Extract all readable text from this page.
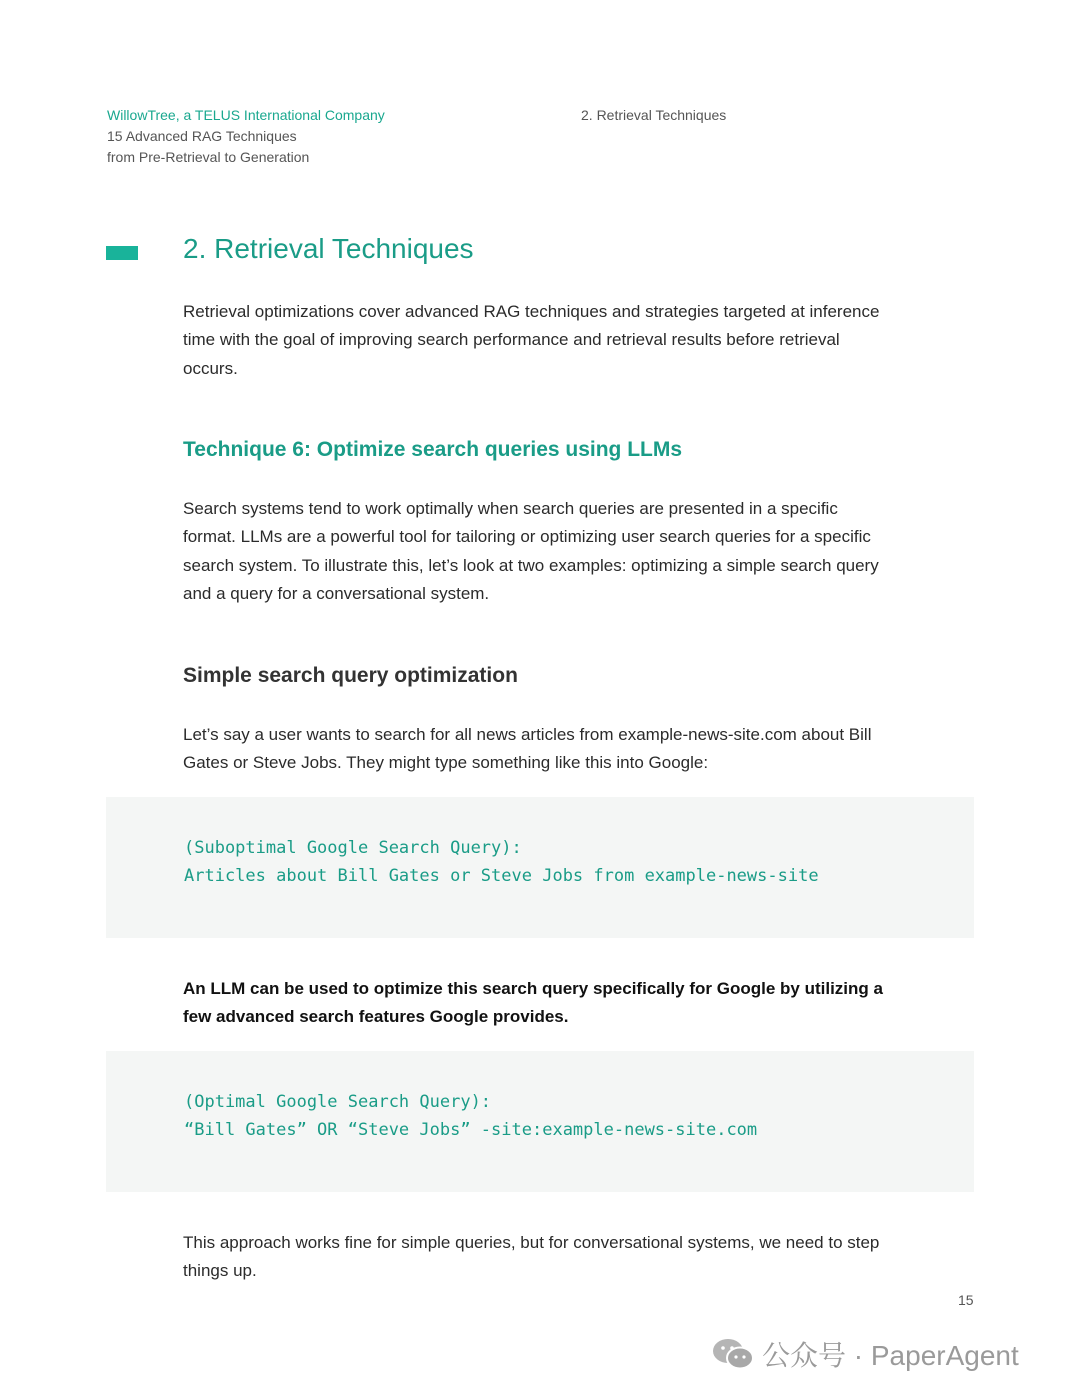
WillowTree, a TELUS International Company
15 Advanced RAG Techniques
from Pre-Retrieval to Generation
2. Retrieval Techniques
2. Retrieval Techniques

Retrieval optimizations cover advanced RAG techniques and strategies targeted at inference time with the goal of improving search performance and retrieval results before retrieval occurs.

Technique 6: Optimize search queries using LLMs

Search systems tend to work optimally when search queries are presented in a specific format. LLMs are a powerful tool for tailoring or optimizing user search queries for a specific search system. To illustrate this, let’s look at two examples: optimizing a simple search query and a query for a conversational system.

Simple search query optimization

Let’s say a user wants to search for all news articles from example-news-site.com about Bill Gates or Steve Jobs. They might type something like this into Google:

(Suboptimal Google Search Query):
Articles about Bill Gates or Steve Jobs from example-news-site

An LLM can be used to optimize this search query specifically for Google by utilizing a few advanced search features Google provides.

(Optimal Google Search Query):
“Bill Gates” OR “Steve Jobs” -site:example-news-site.com

This approach works fine for simple queries, but for conversational systems, we need to step things up.

15
公众号 · PaperAgent
